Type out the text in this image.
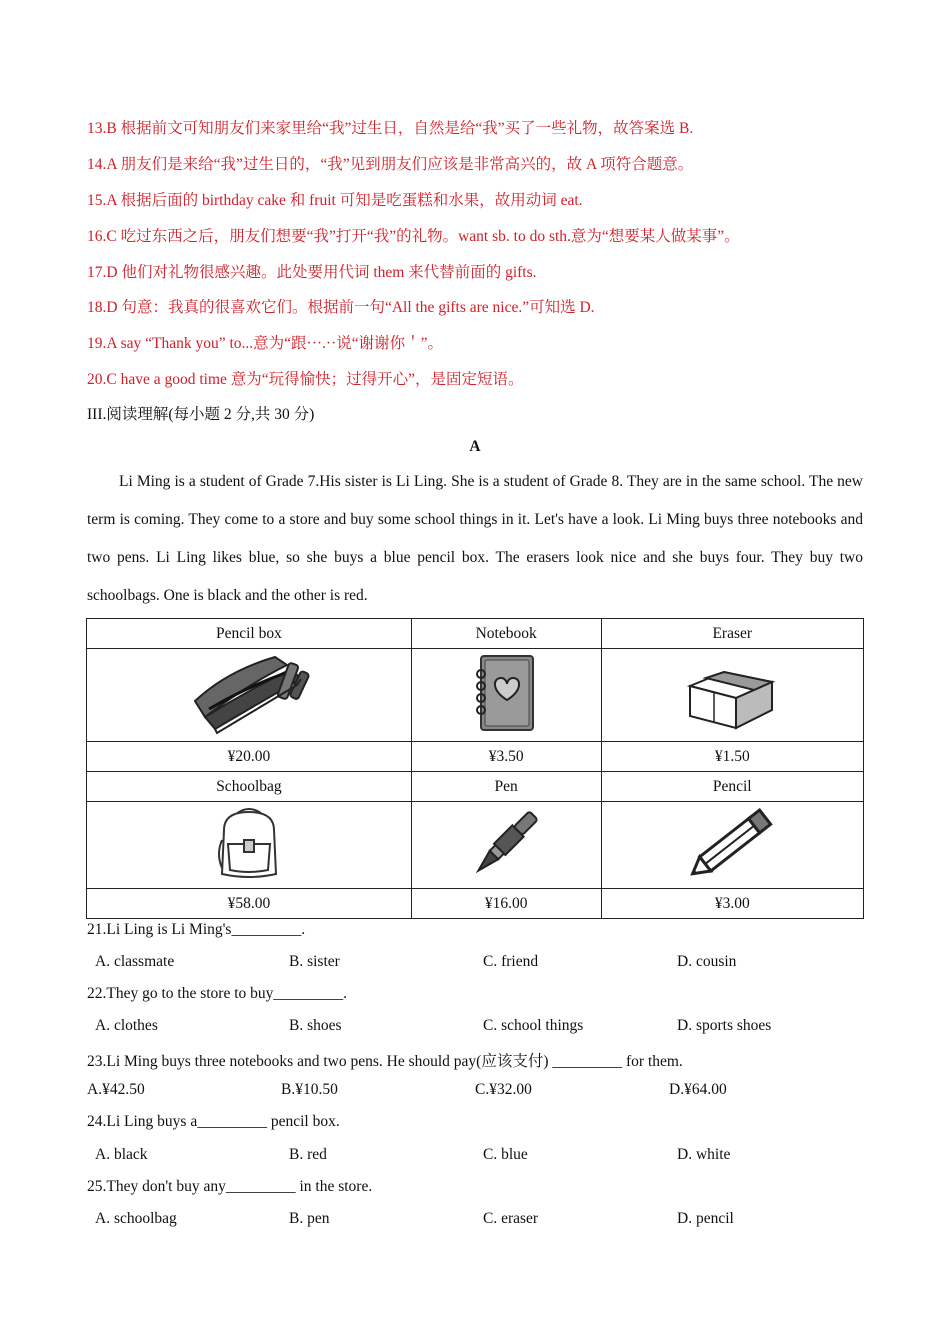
13.B 根据前文可知朋友们来家里给“我”过生日，自然是给“我”买了一些礼物，故答案选 B.
14.A 朋友们是来给“我”过生日的，“我”见到朋友们应该是非常高兴的，故 A 项符合题意。
15.A 根据后面的 birthday cake 和 fruit 可知是吃蛋糕和水果，故用动词 eat.
16.C 吃过东西之后，朋友们想要“我”打开“我”的礼物。want sb. to do sth.意为“想要某人做某事”。
17.D 他们对礼物很感兴趣。此处要用代词 them 来代替前面的 gifts.
18.D 句意：我真的很喜欢它们。根据前一句“All the gifts are nice.”可知选 D.
19.A say “Thank you” to...意为“跟···.··说“谢谢你＇”。
20.C have a good time 意为“玩得愉快；过得开心”，是固定短语。
III.阅读理解(每小题 2 分,共 30 分)
A

Li Ming is a student of Grade 7.His sister is Li Ling. She is a student of Grade 8. They are in the same school. The new term is coming. They come to a store and buy some school things in it. Let's have a look. Li Ming buys three notebooks and two pens. Li Ling likes blue, so she buys a blue pencil box. The erasers look nice and she buys four. They buy two schoolbags. One is black and the other is red.

Pencil box	Notebook	Eraser

¥20.00	¥3.50	¥1.50
Schoolbag	Pen	Pencil

¥58.00	¥16.00	¥3.00
21.Li Ling is Li Ming's_________.
A. classmate	B. sister	C. friend	D. cousin
22.They go to the store to buy_________.
A. clothes	B. shoes	C. school things	D. sports shoes
23.Li Ming buys three notebooks and two pens. He should pay(应该支付) _________ for them.
A.¥42.50	B.¥10.50	C.¥32.00	D.¥64.00
24.Li Ling buys a_________ pencil box.
A. black	B. red	C. blue	D. white
25.They don't buy any_________ in the store.
A. schoolbag	B. pen	C. eraser	D. pencil
